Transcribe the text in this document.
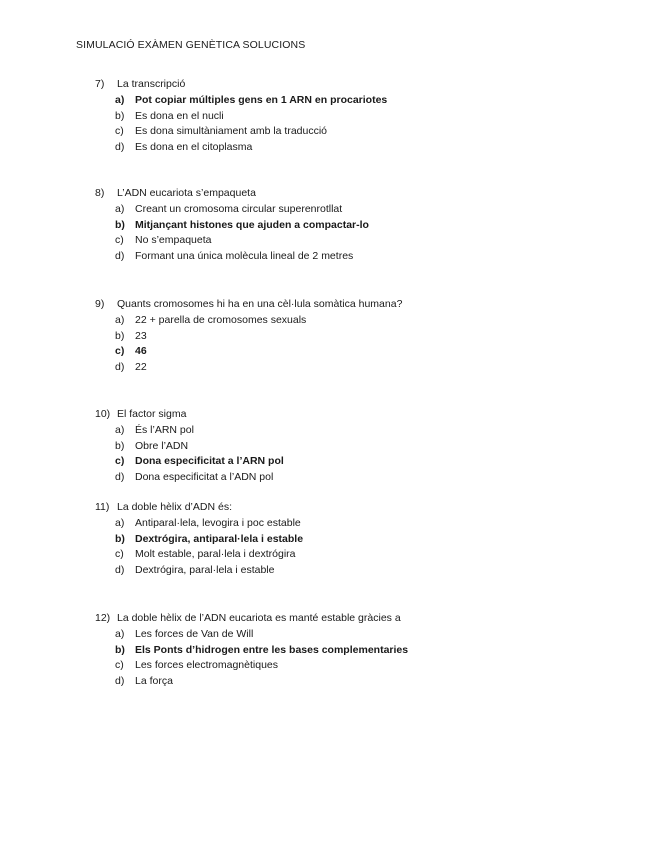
SIMULACIÓ EXÀMEN GENÈTICA SOLUCIONS
7)	La transcripció
a)	Pot copiar múltiples gens en 1 ARN en procariotes
b)	Es dona en el nucli
c)	Es dona simultàniament amb la traducció
d)	Es dona en el citoplasma
8)	L’ADN eucariota s’empaqueta
a)	Creant un cromosoma circular superenrotllat
b) Mitjançant histones que ajuden a compactar-lo
c)	No s’empaqueta
d)	Formant una única molècula lineal de 2 metres
9)	Quants cromosomes hi ha en una cèl·lula somàtica humana?
a)	22 + parella de cromosomes sexuals
b)	23
c)	46
d)	22
10) El factor sigma
a)	És l’ARN pol
b)	Obre l’ADN
c)	Dona especificitat a l’ARN pol
d)	Dona especificitat a l’ADN pol
11) La doble hèlix d’ADN és:
a)	Antiparal·lela, levogira i poc estable
b) Dextrógira, antiparal·lela i estable
c)	Molt estable, paral·lela i dextrógira
d)	Dextrógira, paral·lela i estable
12) La doble hèlix de l’ADN eucariota es manté estable gràcies a
a)	Les forces de Van de Will
b) Els Ponts d’hidrogen entre les bases complementaries
c)	Les forces electromagnètiques
d)	La força
